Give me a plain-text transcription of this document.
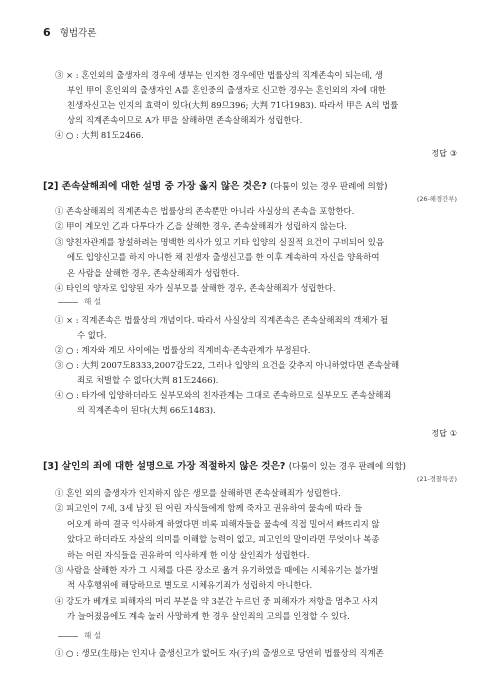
6 형법각론
③ × : 혼인외의 출생자의 경우에 생부는 인지한 경우에만 법률상의 직계존속이 되는데, 생
부인 甲이 혼인외의 출생자인 A를 혼인중의 출생자로 신고한 경우는 혼인외의 자에 대한
친생자신고는 인지의 효력이 있다(大判 89므396; 大判 71다1983). 따라서 甲은 A의 법률
상의 직계존속이므로 A가 甲을 살해하면 존속살해죄가 성립한다.
④ ○ : 大判 81도2466.
정답 ③
[2] 존속살해죄에 대한 설명 중 가장 옳지 않은 것은? (다툼이 있는 경우 판례에 의함)
(26-해경간부)
① 존속살해죄의 직계존속은 법률상의 존속뿐만 아니라 사실상의 존속을 포함한다.
② 甲이 계모인 乙과 다투다가 乙을 살해한 경우, 존속살해죄가 성립하지 않는다.
③ 양친자관계를 창설하려는 명백한 의사가 있고 기타 입양의 실질적 요건이 구비되어 있음
에도 입양신고를 하지 아니한 채 친생자 출생신고를 한 이후 계속하여 자신을 양육하여
온 사람을 살해한 경우, 존속살해죄가 성립한다.
④ 타인의 양자로 입양된 자가 실부모를 살해한 경우, 존속살해죄가 성립한다.
해 설
① × : 직계존속은 법률상의 개념이다. 따라서 사실상의 직계존속은 존속살해죄의 객체가 될
수 없다.
② ○ : 계자와 계모 사이에는 법률상의 직계비속·존속관계가 부정된다.
③ ○ : 大判 2007도8333,2007감도22, 그러나 입양의 요건을 갖추지 아니하였다면 존속살해
죄로 처벌할 수 없다(大判 81도2466).
④ ○ : 타가에 입양하더라도 실부모와의 친자관계는 그대로 존속하므로 실부모도 존속살해죄
의 직계존속이 된다(大判 66도1483).
정답 ①
[3] 살인의 죄에 대한 설명으로 가장 적절하지 않은 것은? (다툼이 있는 경우 판례에 의함)
(21-경찰특공)
① 혼인 외의 출생자가 인지하지 않은 생모를 살해하면 존속살해죄가 성립한다.
② 피고인이 7세, 3세 남짓 된 어린 자식들에게 함께 죽자고 권유하여 물속에 따라 들
어오게 하여 결국 익사하게 하였다면 비록 피해자들을 물속에 직접 밀어서 빠뜨리지 않
았다고 하더라도 자살의 의미를 이해할 능력이 없고, 피고인의 말이라면 무엇이나 복종
하는 어린 자식들을 권유하여 익사하게 한 이상 살인죄가 성립한다.
③ 사람을 살해한 자가 그 시체를 다른 장소로 옮겨 유기하였을 때에는 시체유기는 불가벌
적 사후행위에 해당하므로 별도로 시체유기죄가 성립하지 아니한다.
④ 강도가 베개로 피해자의 머리 부분을 약 3분간 누르던 중 피해자가 저항을 멈추고 사지
가 늘어졌음에도 계속 눌러 사망하게 한 경우 살인죄의 고의를 인정할 수 있다.
해 설
① ○ : 생모(生母)는 인지나 출생신고가 없어도 자(子)의 출생으로 당연히 법률상의 직계존
